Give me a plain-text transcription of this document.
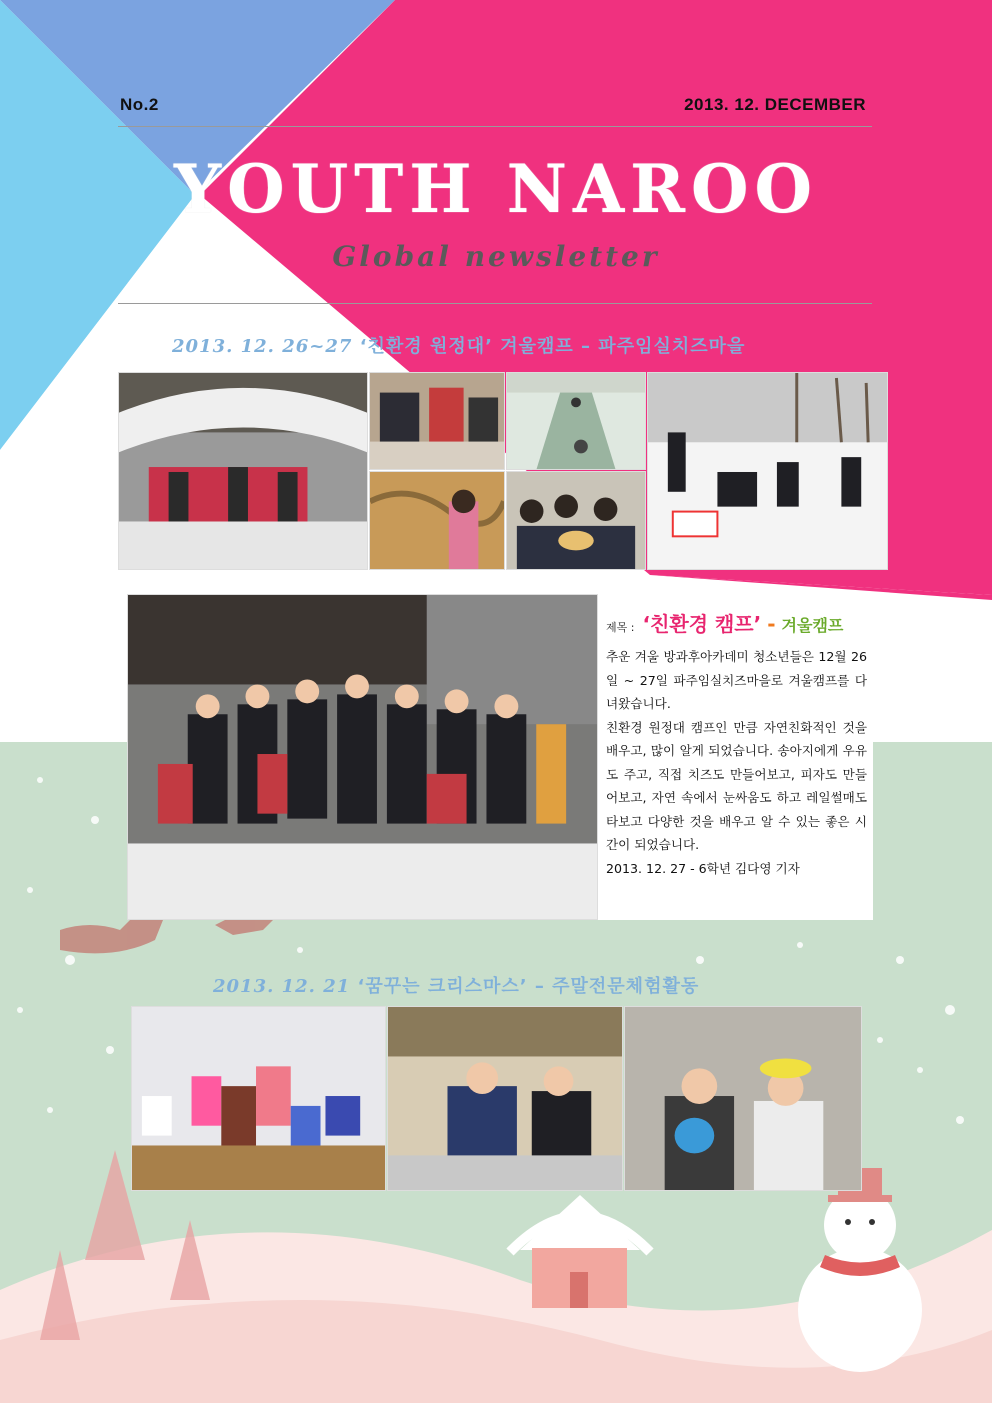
No.2	2013. 12. DECEMBER
YOUTH NAROO
Global newsletter
2013. 12. 26~27 ‘친환경 원정대’ 겨울캠프 – 파주임실치즈마을
제목 : ‘친환경 캠프’ - 겨울캠프
추운 겨울 방과후아카데미 청소년들은 12월 26일 ~ 27일 파주임실치즈마을로 겨울캠프를 다녀왔습니다.
친환경 원정대 캠프인 만큼 자연친화적인 것을 배우고, 많이 알게 되었습니다. 송아지에게 우유도 주고, 직접 치즈도 만들어보고, 피자도 만들어보고, 자연 속에서 눈싸움도 하고 레일썰매도 타보고 다양한 것을 배우고 알 수 있는 좋은 시간이 되었습니다.
2013. 12. 27 - 6학년 김다영 기자
2013. 12. 21 ‘꿈꾸는 크리스마스’ – 주말전문체험활동
